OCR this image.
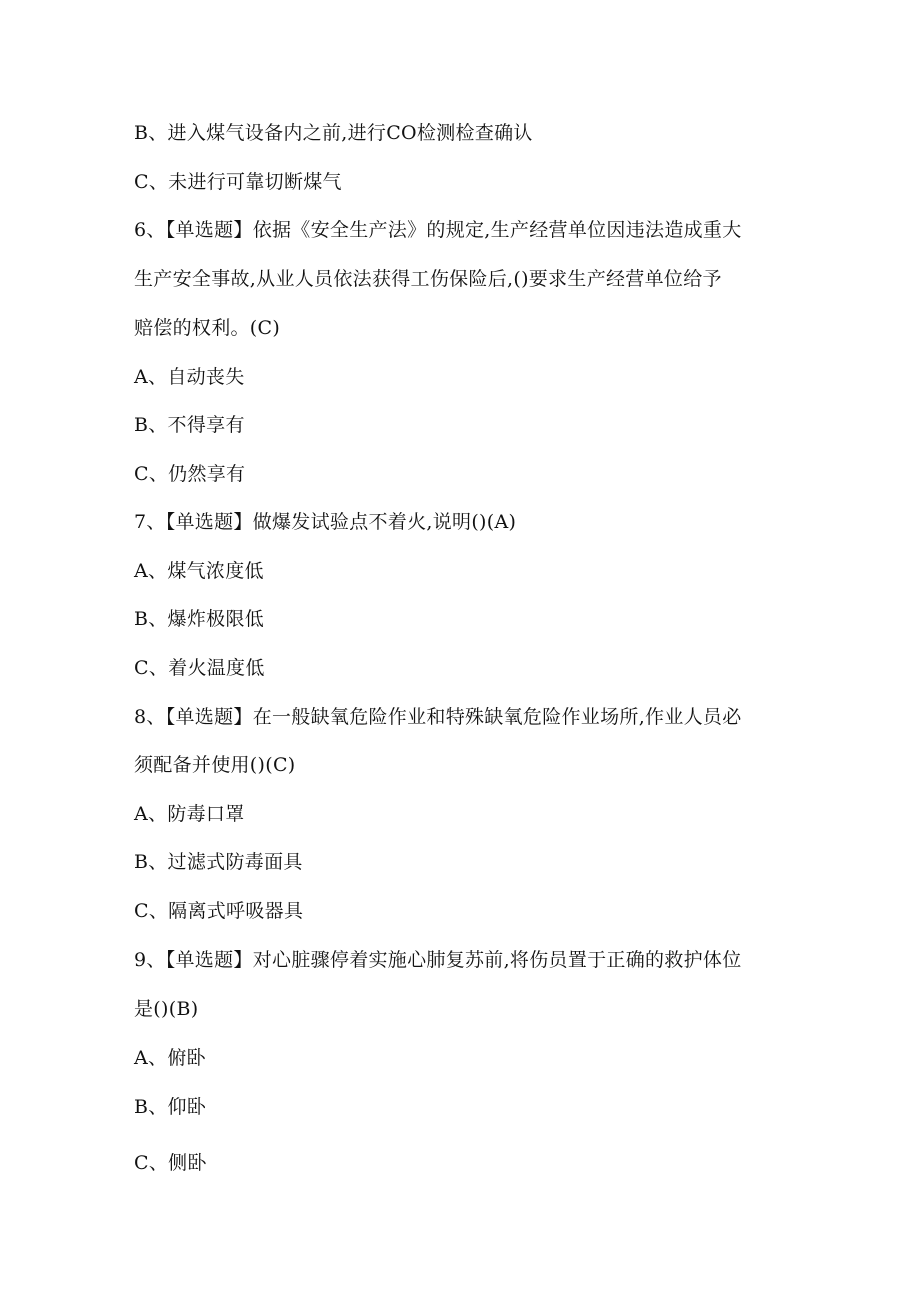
B、进入煤气设备内之前,进行CO检测检查确认
C、未进行可靠切断煤气
6、【单选题】依据《安全生产法》的规定,生产经营单位因违法造成重大
生产安全事故,从业人员依法获得工伤保险后,()要求生产经营单位给予
赔偿的权利。(C)
A、自动丧失
B、不得享有
C、仍然享有
7、【单选题】做爆发试验点不着火,说明()(A)
A、煤气浓度低
B、爆炸极限低
C、着火温度低
8、【单选题】在一般缺氧危险作业和特殊缺氧危险作业场所,作业人员必
须配备并使用()(C)
A、防毒口罩
B、过滤式防毒面具
C、隔离式呼吸器具
9、【单选题】对心脏骤停着实施心肺复苏前,将伤员置于正确的救护体位
是()(B)
A、俯卧
B、仰卧
C、侧卧
